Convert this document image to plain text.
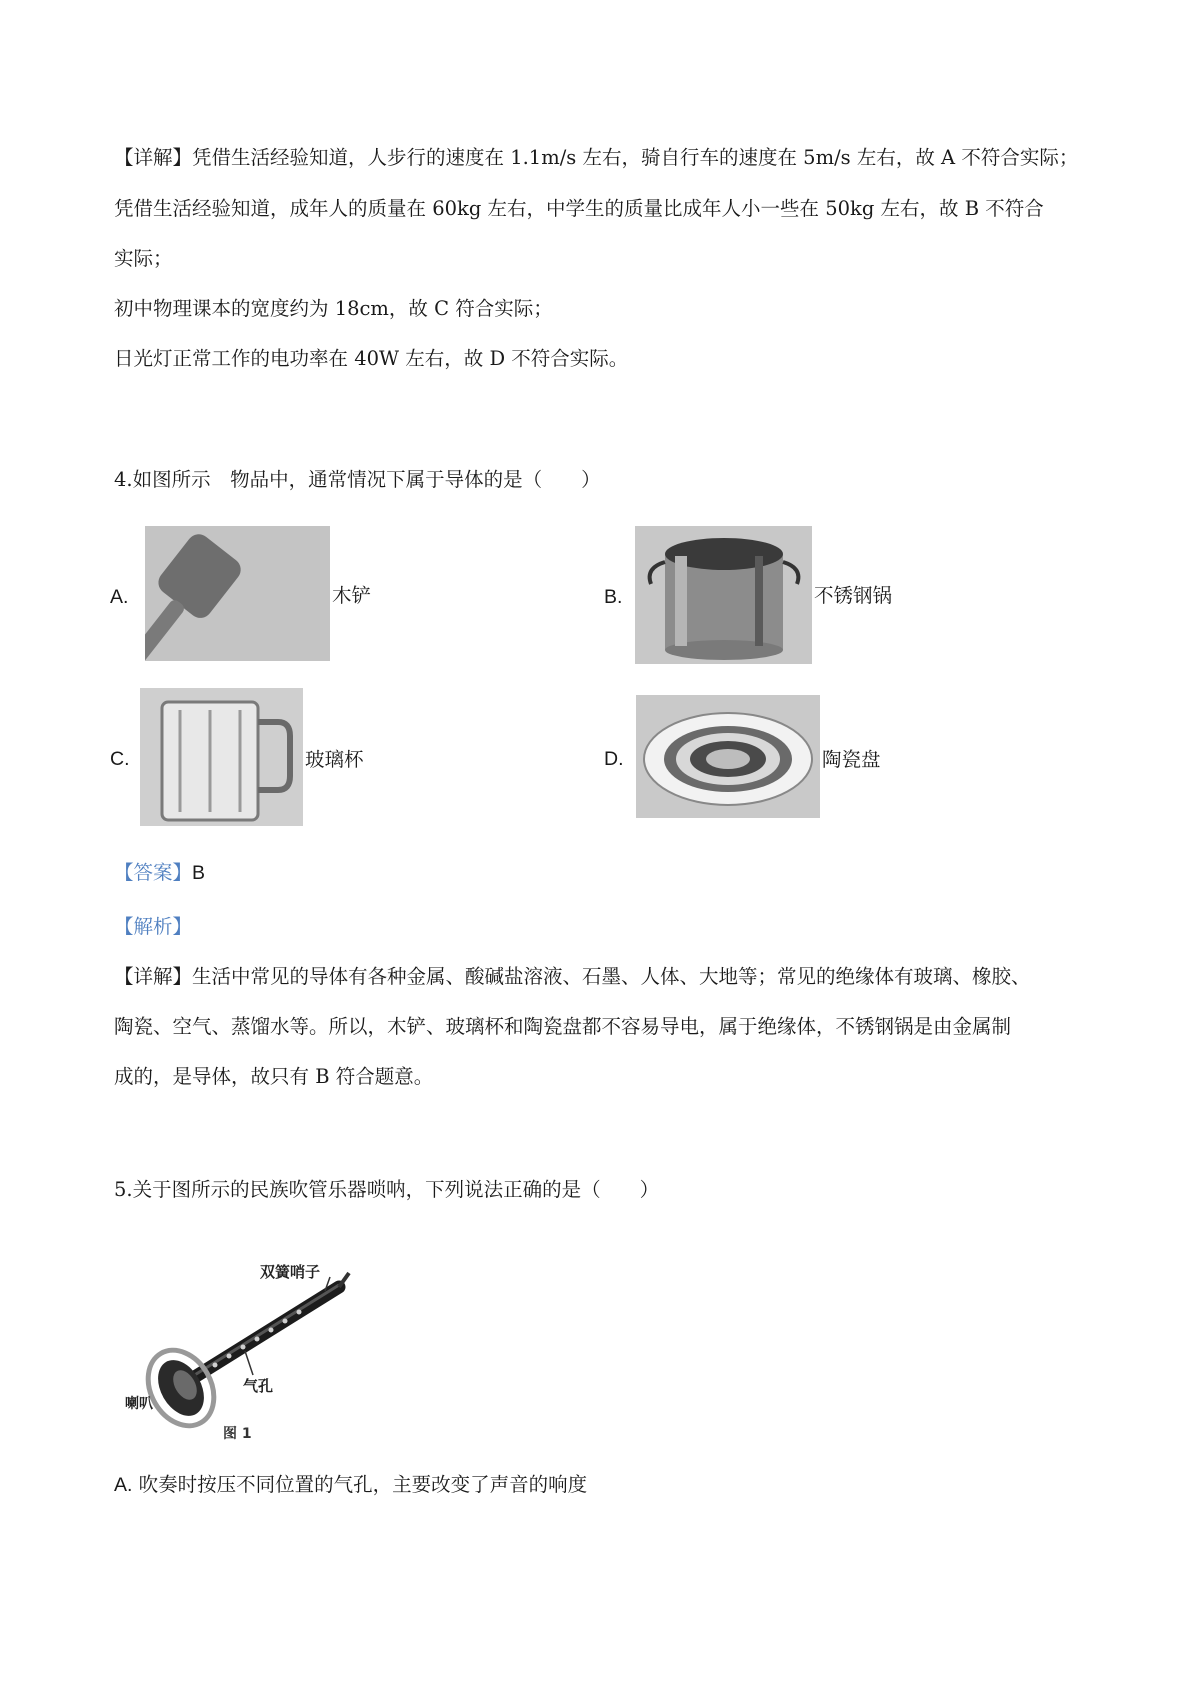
【详解】凭借生活经验知道，人步行的速度在 1.1m/s 左右，骑自行车的速度在 5m/s 左右，故 A 不符合实际；
凭借生活经验知道，成年人的质量在 60kg 左右，中学生的质量比成年人小一些在 50kg 左右，故 B 不符合
实际；
初中物理课本的宽度约为 18cm，故 C 符合实际；
日光灯正常工作的电功率在 40W 左右，故 D 不符合实际。
4.如图所示　物品中，通常情况下属于导体的是（　　）
A.	木铲	B.	不锈钢锅
C.	玻璃杯	D.	陶瓷盘
【答案】B
【解析】
【详解】生活中常见的导体有各种金属、酸碱盐溶液、石墨、人体、大地等；常见的绝缘体有玻璃、橡胶、
陶瓷、空气、蒸馏水等。所以，木铲、玻璃杯和陶瓷盘都不容易导电，属于绝缘体，不锈钢锅是由金属制
成的，是导体，故只有 B 符合题意。
5.关于图所示的民族吹管乐器唢呐，下列说法正确的是（　　）
双簧哨子
气孔
喇叭
图 1
A. 吹奏时按压不同位置的气孔，主要改变了声音的响度
